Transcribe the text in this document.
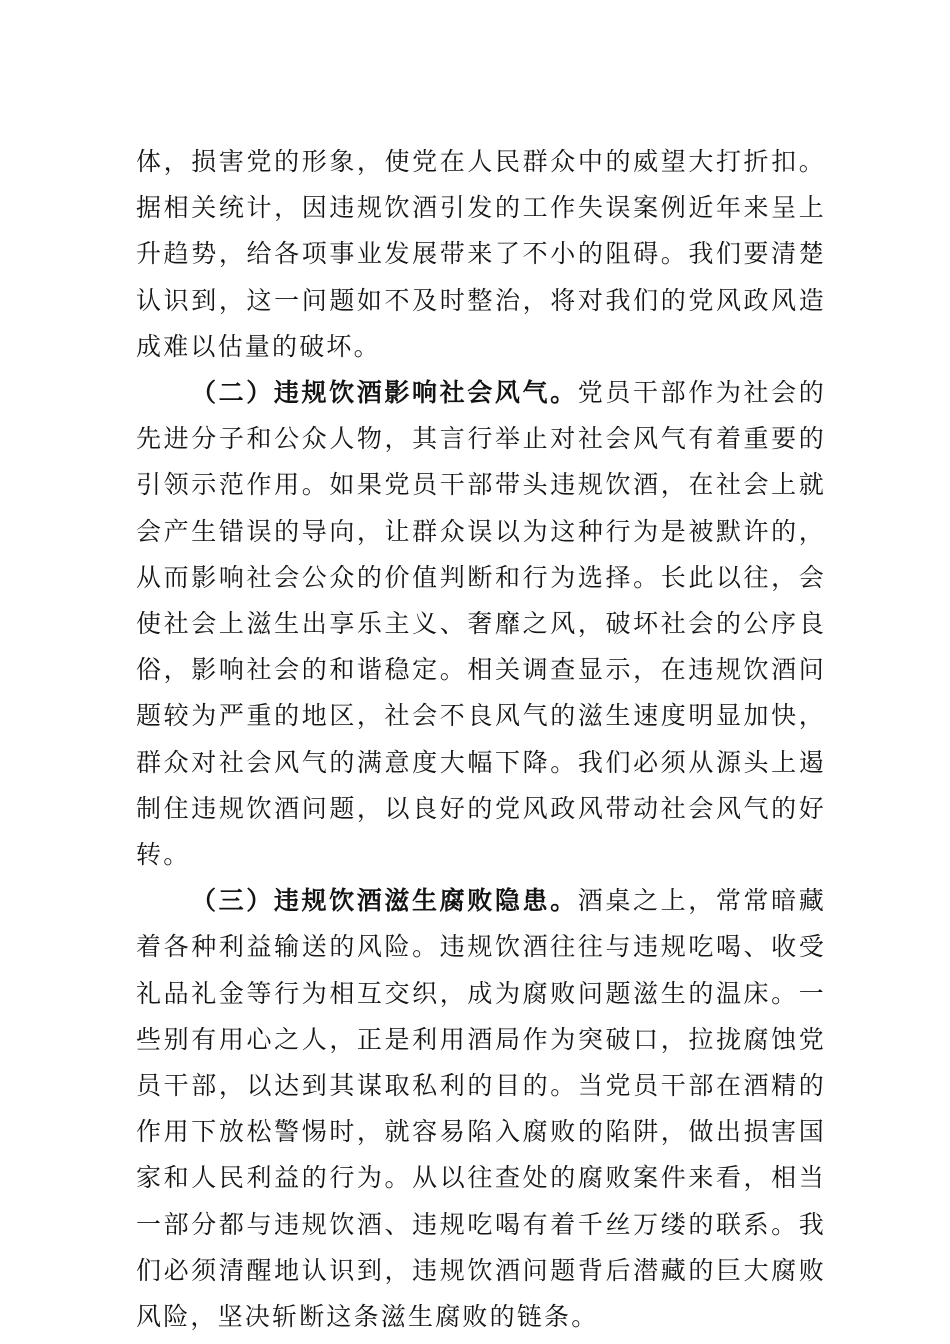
体，损害党的形象，使党在人民群众中的威望大打折扣。据相关统计，因违规饮酒引发的工作失误案例近年来呈上升趋势，给各项事业发展带来了不小的阻碍。我们要清楚认识到，这一问题如不及时整治，将对我们的党风政风造成难以估量的破坏。

（二）违规饮酒影响社会风气。党员干部作为社会的先进分子和公众人物，其言行举止对社会风气有着重要的引领示范作用。如果党员干部带头违规饮酒，在社会上就会产生错误的导向，让群众误以为这种行为是被默许的，从而影响社会公众的价值判断和行为选择。长此以往，会使社会上滋生出享乐主义、奢靡之风，破坏社会的公序良俗，影响社会的和谐稳定。相关调查显示，在违规饮酒问题较为严重的地区，社会不良风气的滋生速度明显加快，群众对社会风气的满意度大幅下降。我们必须从源头上遏制住违规饮酒问题，以良好的党风政风带动社会风气的好转。

（三）违规饮酒滋生腐败隐患。酒桌之上，常常暗藏着各种利益输送的风险。违规饮酒往往与违规吃喝、收受礼品礼金等行为相互交织，成为腐败问题滋生的温床。一些别有用心之人，正是利用酒局作为突破口，拉拢腐蚀党员干部，以达到其谋取私利的目的。当党员干部在酒精的作用下放松警惕时，就容易陷入腐败的陷阱，做出损害国家和人民利益的行为。从以往查处的腐败案件来看，相当一部分都与违规饮酒、违规吃喝有着千丝万缕的联系。我们必须清醒地认识到，违规饮酒问题背后潜藏的巨大腐败风险，坚决斩断这条滋生腐败的链条。
